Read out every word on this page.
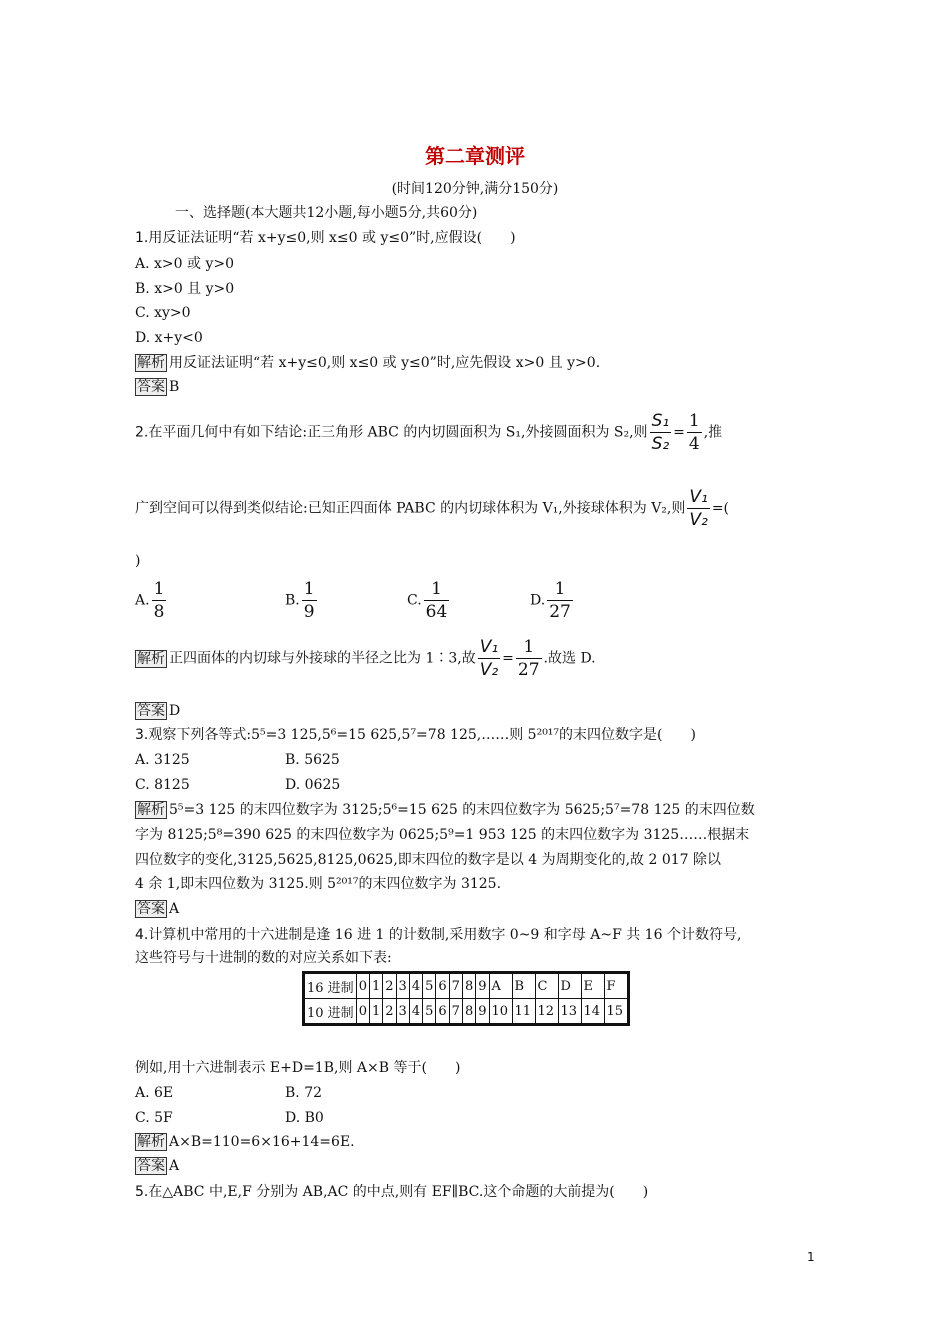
第二章测评
(时间120分钟,满分150分)
一、选择题(本大题共12小题,每小题5分,共60分)
1.用反证法证明“若 x+y≤0,则 x≤0 或 y≤0”时,应假设(　　)
A. x>0 或 y>0
B. x>0 且 y>0
C. xy>0
D. x+y<0
解析 用反证法证明“若 x+y≤0,则 x≤0 或 y≤0”时,应先假设 x>0 且 y>0.
答案 B
2.在平面几何中有如下结论:正三角形 ABC 的内切圆面积为 S₁,外接圆面积为 S₂,则 $\frac{\text{S₁}}{\text{S₂}} = \frac{1}{4}$ ,推
广到空间可以得到类似结论:已知正四面体 PABC 的内切球体积为 V₁,外接球体积为 V₂,则 $\frac{\text{V₁}}{\text{V₂}}$ =(
)
A. $\frac{1}{8}$	B. $\frac{1}{9}$	C. $\frac{1}{64}$	D. $\frac{1}{27}$
解析 正四面体的内切球与外接球的半径之比为 1∶3,故 $\frac{\text{V₁}}{\text{V₂}} = \frac{1}{27}$ .故选 D.
答案 D
3.观察下列各等式:5⁵=3 125,5⁶=15 625,5⁷=78 125,……则 5²⁰¹⁷的末四位数字是(　　)
A. 3125	B. 5625
C. 8125	D. 0625
解析 5⁵=3 125 的末四位数字为 3125;5⁶=15 625 的末四位数字为 5625;5⁷=78 125 的末四位数
字为 8125;5⁸=390 625 的末四位数字为 0625;5⁹=1 953 125 的末四位数字为 3125……根据末
四位数字的变化,3125,5625,8125,0625,即末四位的数字是以 4 为周期变化的,故 2 017 除以
4 余 1,即末四位数为 3125.则 5²⁰¹⁷的末四位数字为 3125.
答案 A
4.计算机中常用的十六进制是逢 16 进 1 的计数制,采用数字 0~9 和字母 A~F 共 16 个计数符号,
这些符号与十进制的数的对应关系如下表:
16 进制	0	1	2	3	4	5	6	7	8	9	A	B	C	D	E	F
10 进制	0	1	2	3	4	5	6	7	8	9	10	11	12	13	14	15
例如,用十六进制表示 E+D=1B,则 A×B 等于(　　)
A. 6E	B. 72
C. 5F	D. B0
解析 A×B=110=6×16+14=6E.
答案 A
5.在△ABC 中,E,F 分别为 AB,AC 的中点,则有 EF∥BC.这个命题的大前提为(　　)
1
